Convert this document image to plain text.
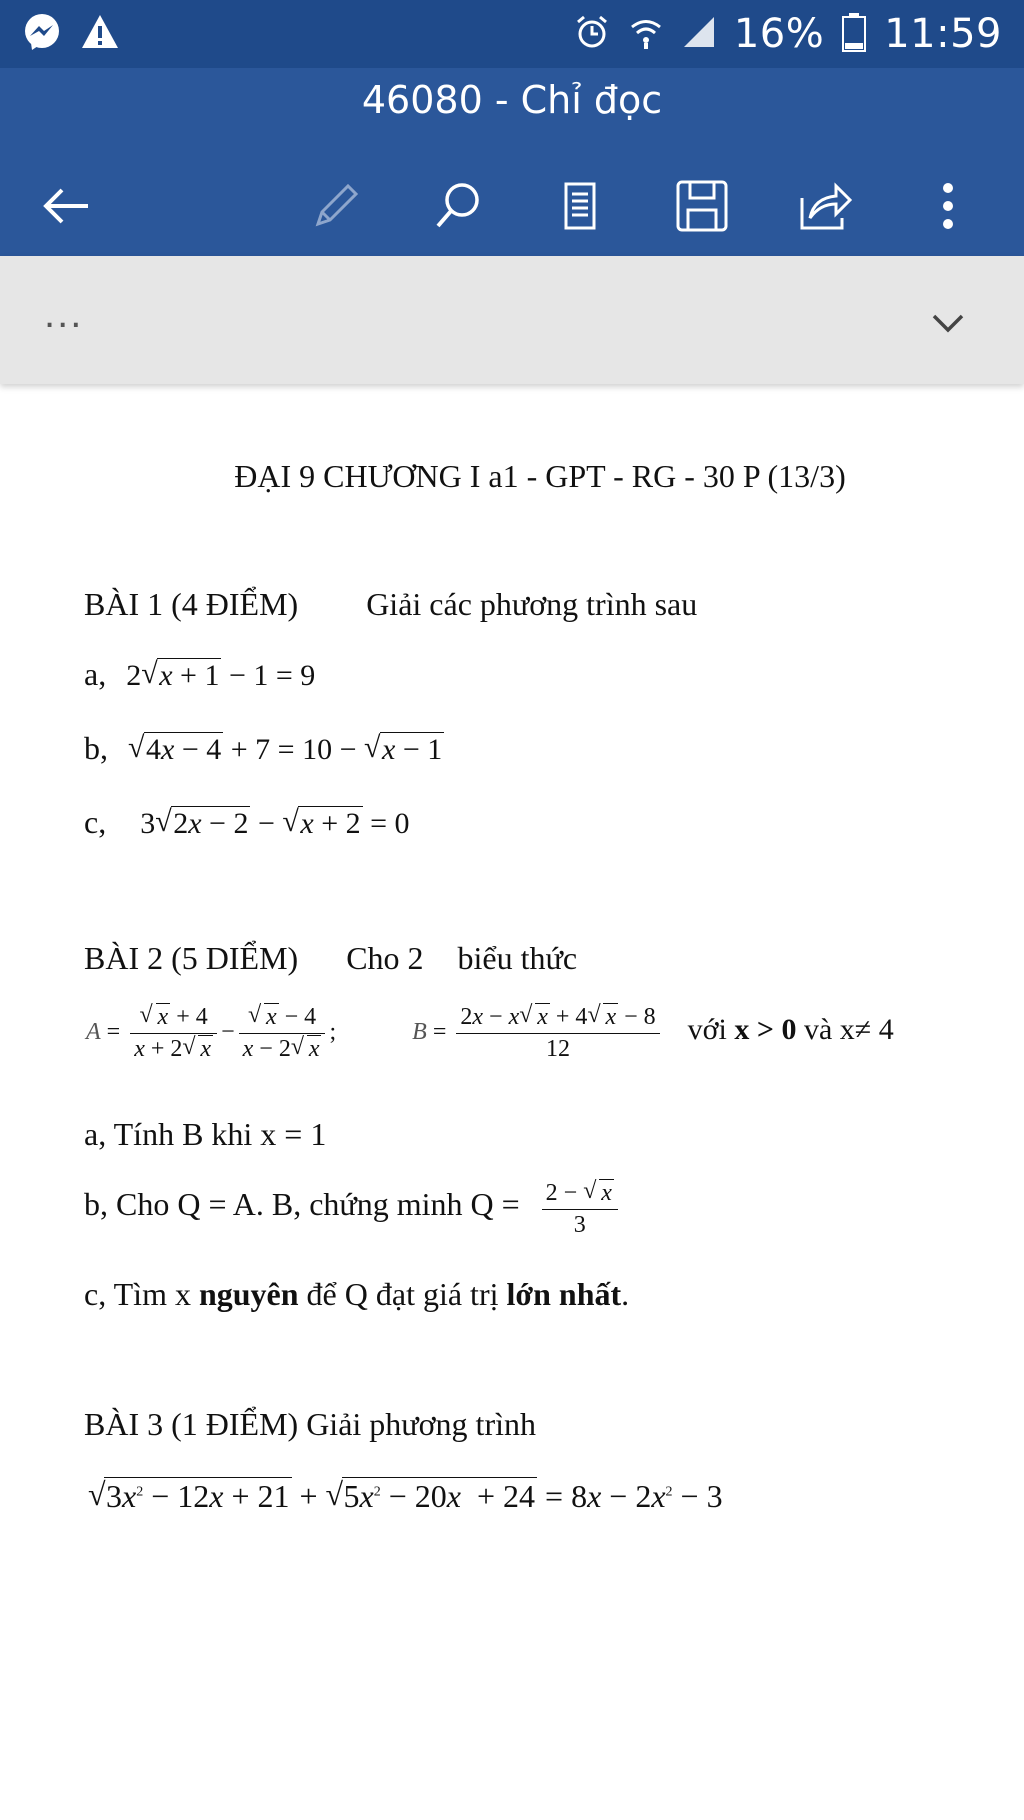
16% 11:59
46080 - Chỉ đọc
...
ĐẠI 9 CHƯƠNG I a1 - GPT - RG - 30 P (13/3)
BÀI 1 (4 ĐIỂM) Giải các phương trình sau
a, 2 √ x + 1 − 1 = 9
b, √ 4x − 4 + 7 = 10 − √ x − 1
c, 3 √ 2x − 2 − √ x + 2 = 0
BÀI 2 (5 DIỂM) Cho 2 biểu thức
A = √ $\frac{x + 4}{x + 2 √ x}$ − √ $\frac{x - 4}{x - 2 √ x}$ ;	$B = \frac{2x - x √ x + 4 √ x - 8}{12}$ với x > 0 và x≠ 4
a, Tính B khi x = 1
b, Cho Q = A. B, chứng minh $Q = \frac{2 - √ x}{3}$
c, Tìm x nguyên để Q đạt giá trị lớn nhất.
BÀI 3 (1 ĐIỂM) Giải phương trình
√ $3x^2 - 12x + 21$ + √ $5x^2 - 20x + 24 = 8x - 2x^2 - 3$
